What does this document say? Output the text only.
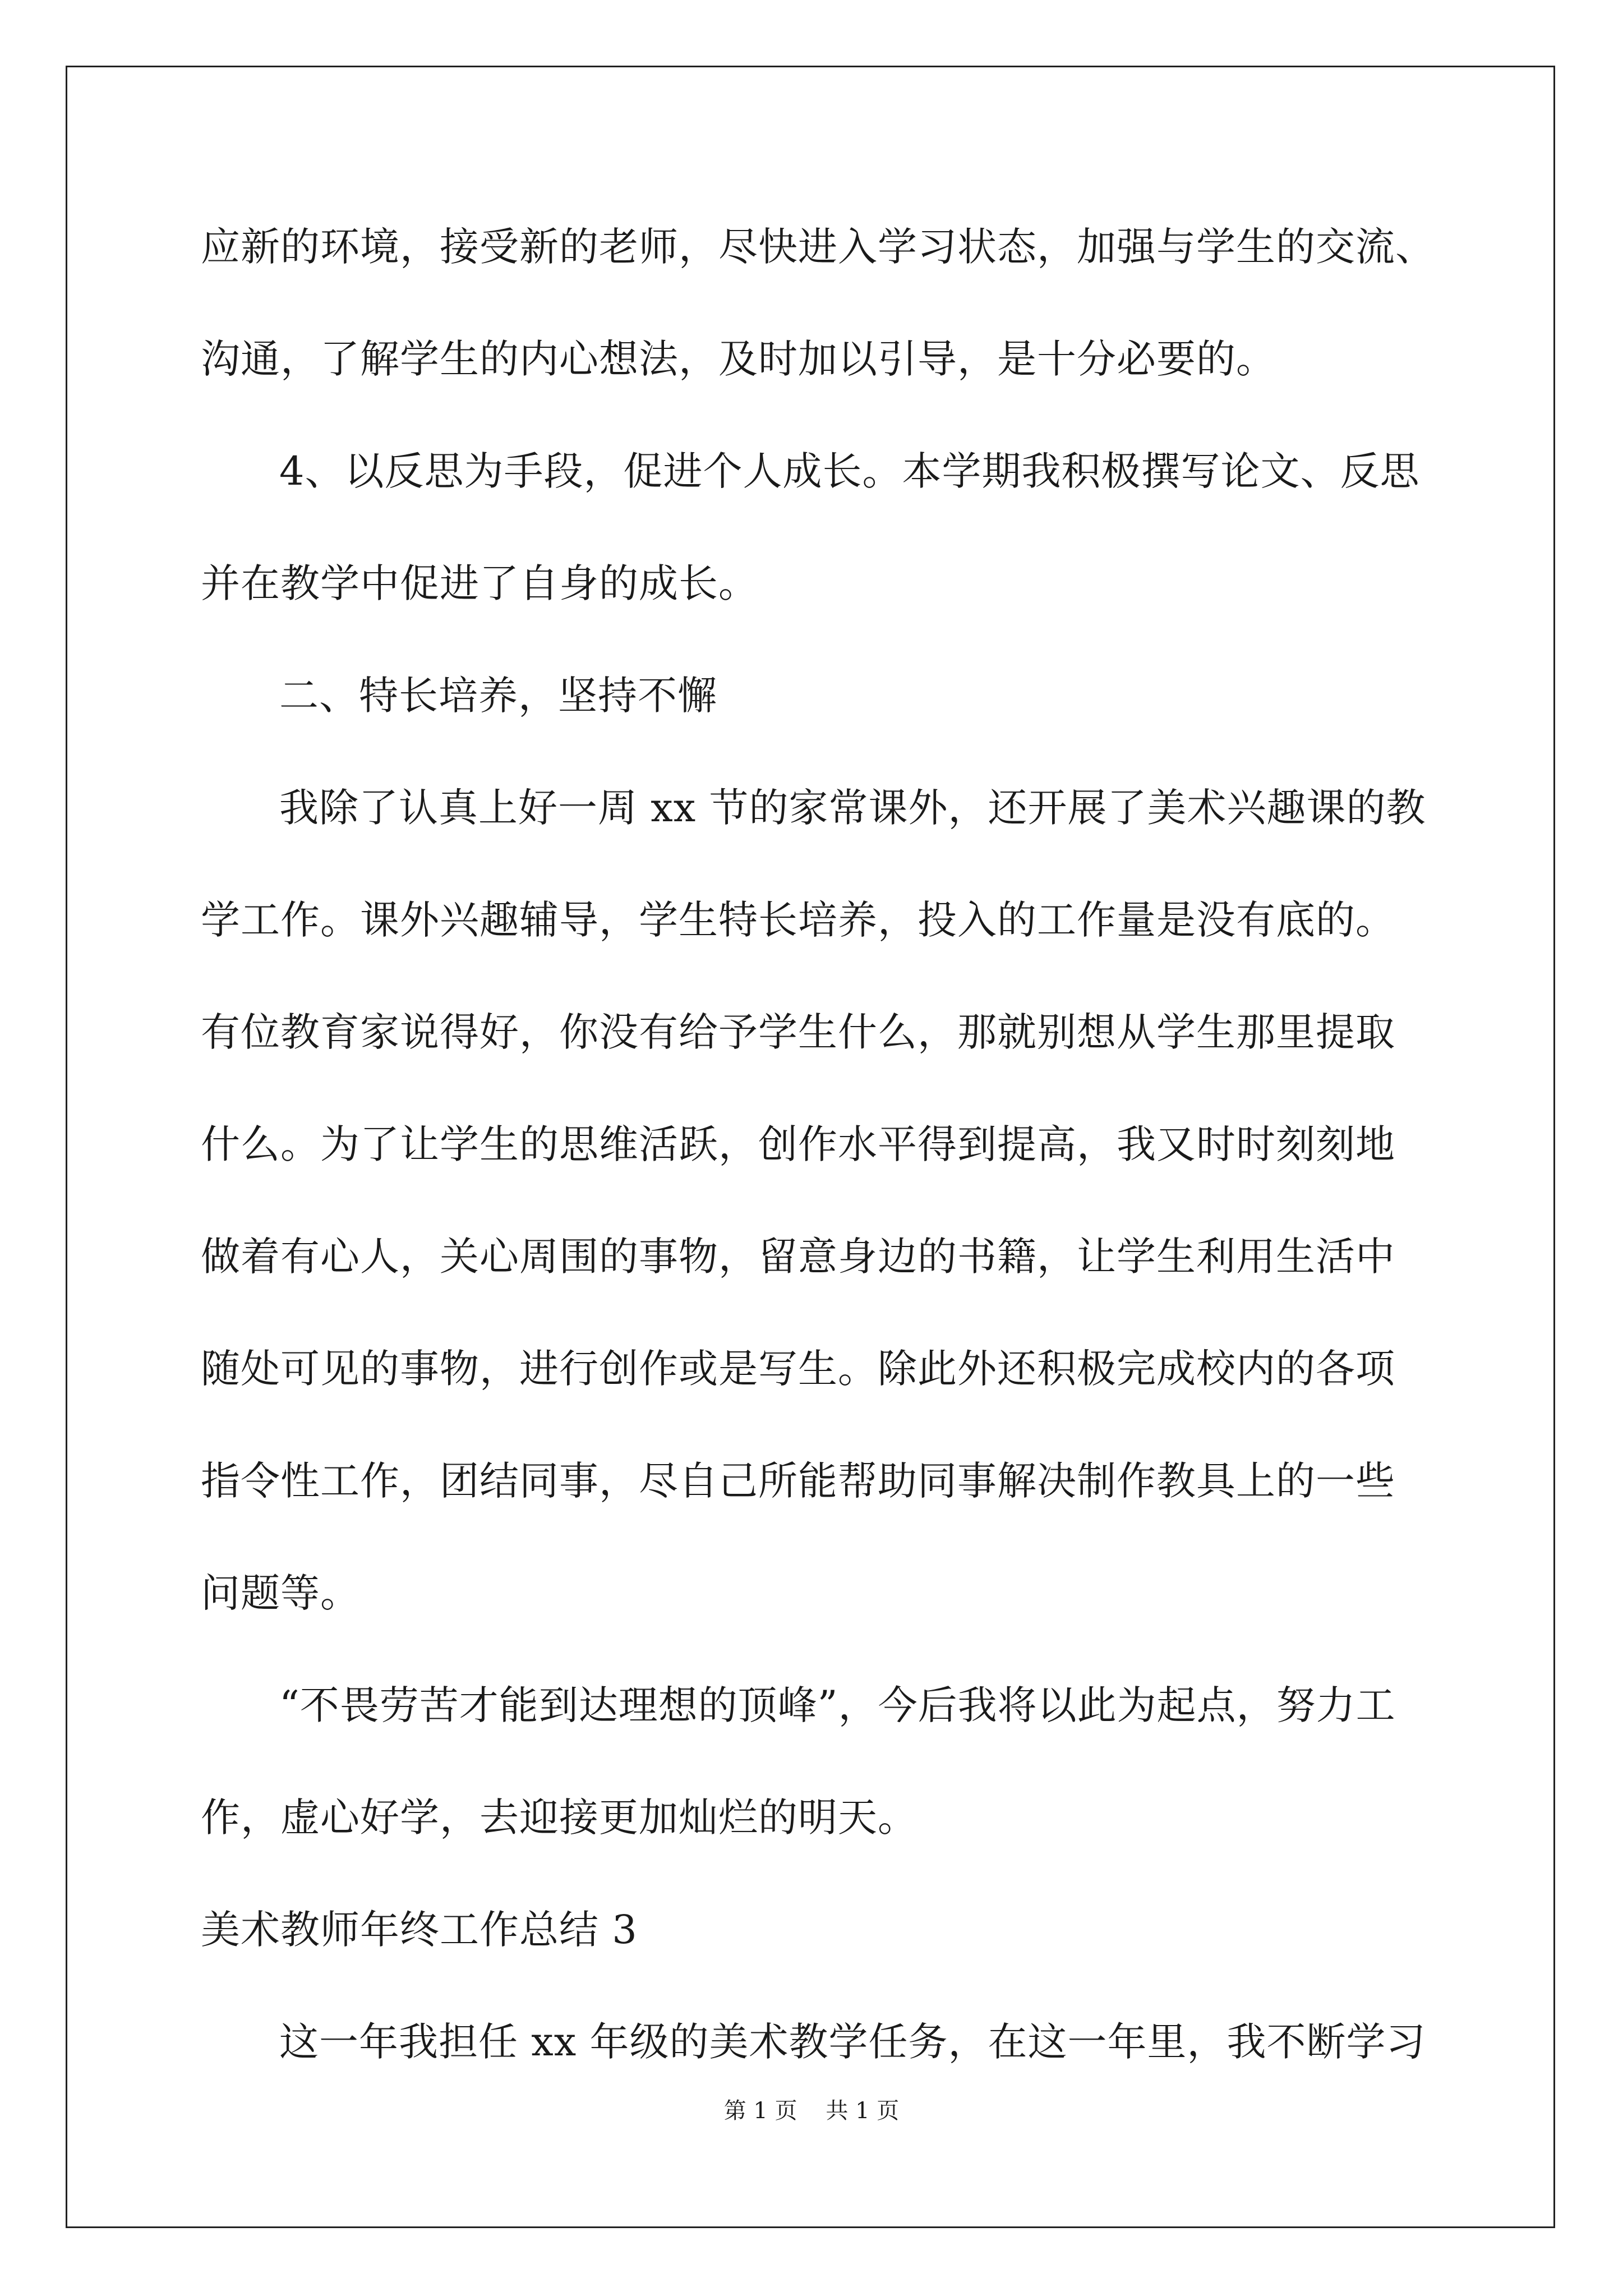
应新的环境，接受新的老师，尽快进入学习状态，加强与学生的交流、
沟通，了解学生的内心想法，及时加以引导，是十分必要的。
4、以反思为手段，促进个人成长。本学期我积极撰写论文、反思
并在教学中促进了自身的成长。
二、特长培养，坚持不懈
我除了认真上好一周 xx 节的家常课外，还开展了美术兴趣课的教
学工作。课外兴趣辅导，学生特长培养，投入的工作量是没有底的。
有位教育家说得好，你没有给予学生什么，那就别想从学生那里提取
什么。为了让学生的思维活跃，创作水平得到提高，我又时时刻刻地
做着有心人，关心周围的事物，留意身边的书籍，让学生利用生活中
随处可见的事物，进行创作或是写生。除此外还积极完成校内的各项
指令性工作，团结同事，尽自己所能帮助同事解决制作教具上的一些
问题等。
“不畏劳苦才能到达理想的顶峰”，今后我将以此为起点，努力工
作，虚心好学，去迎接更加灿烂的明天。
美术教师年终工作总结 3
这一年我担任 xx 年级的美术教学任务，在这一年里，我不断学习
第 1 页    共 1 页
